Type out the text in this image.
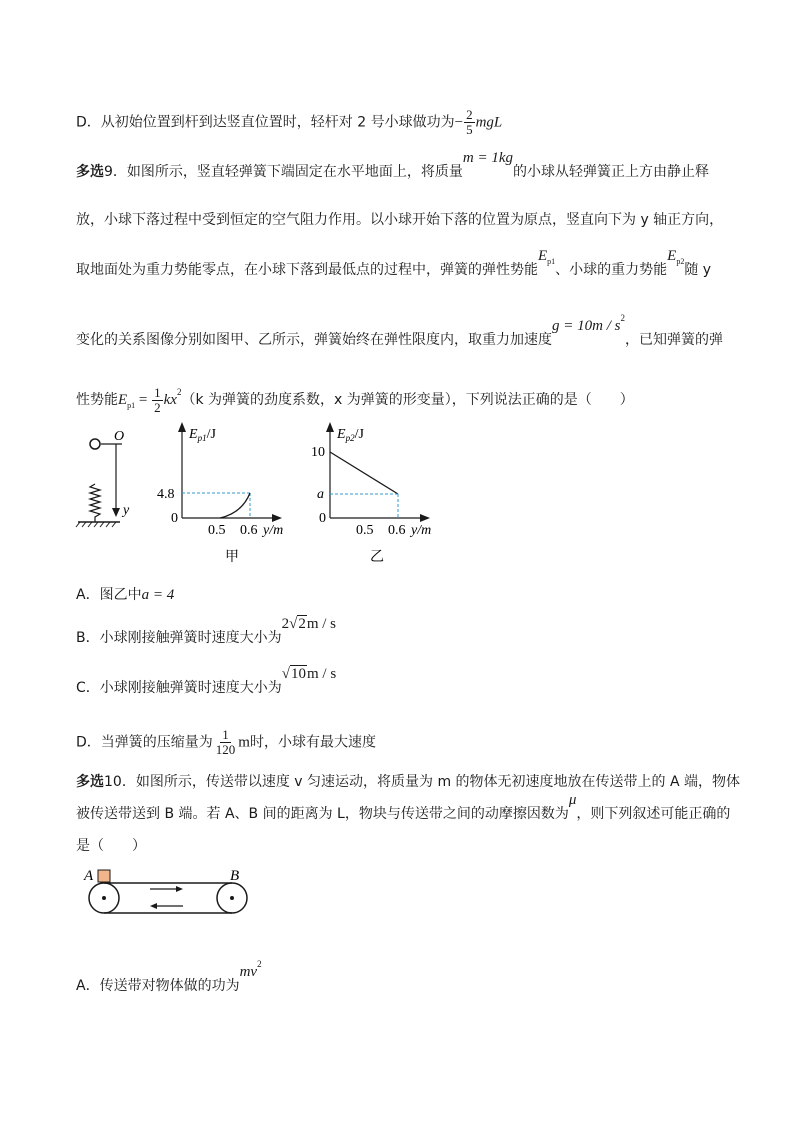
D．从初始位置到杆到达竖直位置时，轻杆对 2 号小球做功为− $\frac{2}{5}$ mgL
多选9．如图所示，竖直轻弹簧下端固定在水平地面上，将质量m = 1kg的小球从轻弹簧正上方由静止释
放，小球下落过程中受到恒定的空气阻力作用。以小球开始下落的位置为原点，竖直向下为 y 轴正方向，
取地面处为重力势能零点，在小球下落到最低点的过程中，弹簧的弹性势能$E_{p1}$、小球的重力势能$E_{p2}$随 y
变化的关系图像分别如图甲、乙所示，弹簧始终在弹性限度内，取重力加速度$g = 10m / s^2$，已知弹簧的弹
性势能$E_{p1} = \frac{1}{2} kx^2(k$ 为弹簧的劲度系数，x 为弹簧的形变量），下列说法正确的是（　　）
O
y
$E_{p1}/J$
4.8
0
0.5 0.6 y/m
甲
$E_{p2}/J$
10
a
0
0.5 0.6 y/m
乙
A．图乙中a = 4
B．小球刚接触弹簧时速度大小为2√2m / s
C．小球刚接触弹簧时速度大小为√10m / s
D．当弹簧的压缩量为 $\frac{1}{120}$ m时，小球有最大速度
多选10．如图所示，传送带以速度 v 匀速运动，将质量为 m 的物体无初速度地放在传送带上的 A 端，物体
被传送带送到 B 端。若 A、B 间的距离为 L，物块与传送带之间的动摩擦因数为μ，则下列叙述可能正确的
是（　　）
A	B
A．传送带对物体做的功为$mv^2$
